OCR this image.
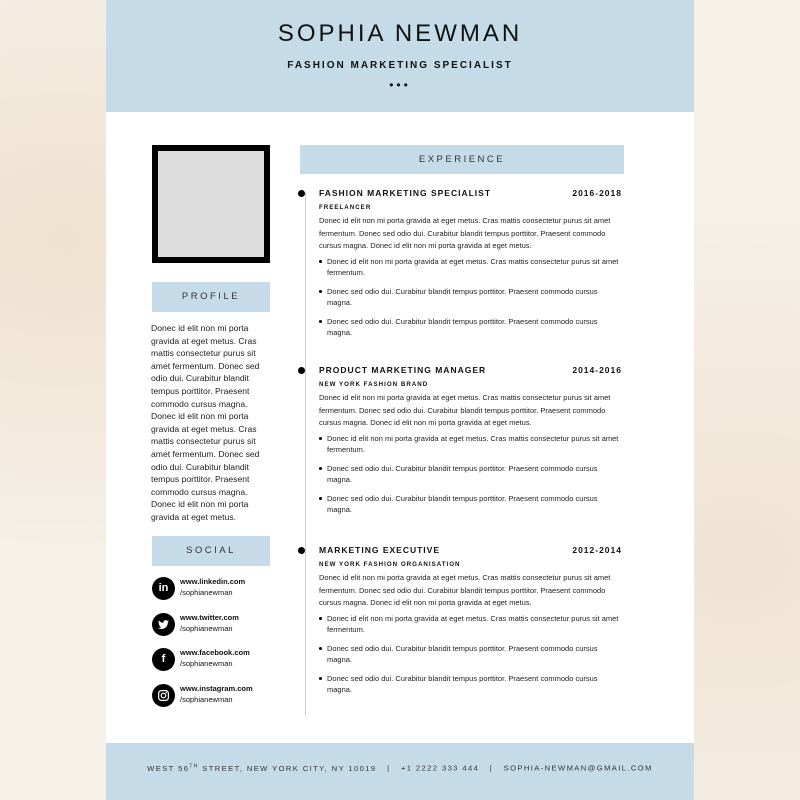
SOPHIA NEWMAN
FASHION MARKETING SPECIALIST
•••
PROFILE
Donec id elit non mi porta gravida at eget metus. Cras mattis consectetur purus sit amet fermentum. Donec sed odio dui. Curabitur blandit tempus porttitor. Praesent commodo cursus magna. Donec id elit non mi porta gravida at eget metus. Cras mattis consectetur purus sit amet fermentum. Donec sed odio dui. Curabitur blandit tempus porttitor. Praesent commodo cursus magna. Donec id elit non mi porta gravida at eget metus.
SOCIAL
in
www.linkedin.com
/sophianewman
www.twitter.com
/sophianewman
f
www.facebook.com
/sophianewman
www.instagram.com
/sophianewman
EXPERIENCE
FASHION MARKETING SPECIALIST	2016-2018
FREELANCER
Donec id elit non mi porta gravida at eget metus. Cras mattis consectetur purus sit amet fermentum. Donec sed odio dui. Curabitur blandit tempus porttitor. Praesent commodo cursus magna. Donec id elit non mi porta gravida at eget metus.
Donec id elit non mi porta gravida at eget metus. Cras mattis consectetur purus sit amet fermentum.
Donec sed odio dui. Curabitur blandit tempus porttitor. Praesent commodo cursus magna.
Donec sed odio dui. Curabitur blandit tempus porttitor. Praesent commodo cursus magna.
PRODUCT MARKETING MANAGER	2014-2016
NEW YORK FASHION BRAND
Donec id elit non mi porta gravida at eget metus. Cras mattis consectetur purus sit amet fermentum. Donec sed odio dui. Curabitur blandit tempus porttitor. Praesent commodo cursus magna. Donec id elit non mi porta gravida at eget metus.
Donec id elit non mi porta gravida at eget metus. Cras mattis consectetur purus sit amet fermentum.
Donec sed odio dui. Curabitur blandit tempus porttitor. Praesent commodo cursus magna.
Donec sed odio dui. Curabitur blandit tempus porttitor. Praesent commodo cursus magna.
MARKETING EXECUTIVE	2012-2014
NEW YORK FASHION ORGANISATION
Donec id elit non mi porta gravida at eget metus. Cras mattis consectetur purus sit amet fermentum. Donec sed odio dui. Curabitur blandit tempus porttitor. Praesent commodo cursus magna. Donec id elit non mi porta gravida at eget metus.
Donec id elit non mi porta gravida at eget metus. Cras mattis consectetur purus sit amet fermentum.
Donec sed odio dui. Curabitur blandit tempus porttitor. Praesent commodo cursus magna.
Donec sed odio dui. Curabitur blandit tempus porttitor. Praesent commodo cursus magna.
WEST 56TH STREET, NEW YORK CITY, NY 10019 | +1 2222 333 444 | SOPHIA-NEWMAN@GMAIL.COM
